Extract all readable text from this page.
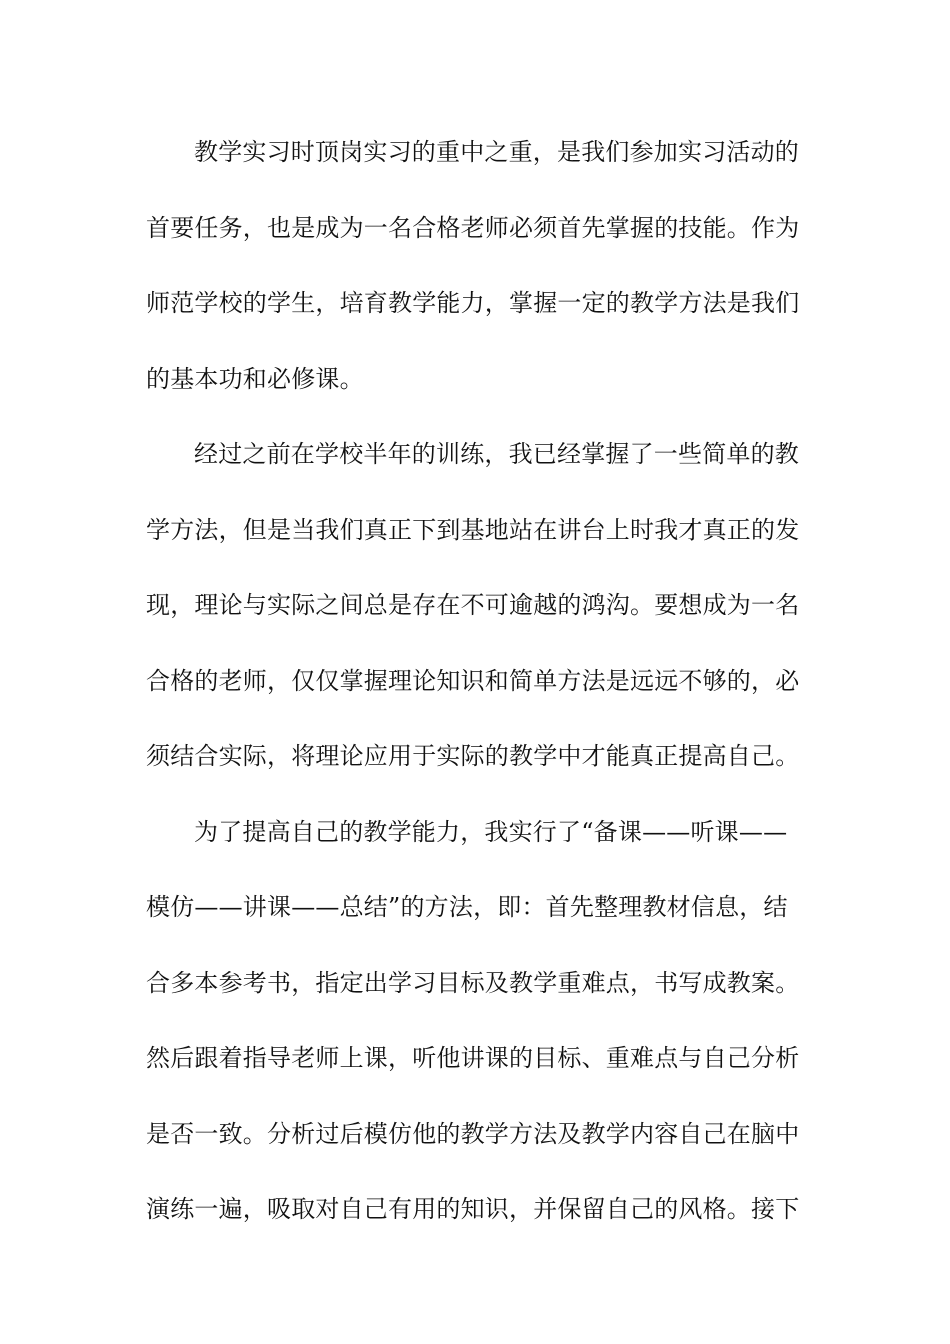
教学实习时顶岗实习的重中之重，是我们参加实习活动的
首要任务，也是成为一名合格老师必须首先掌握的技能。作为
师范学校的学生，培育教学能力，掌握一定的教学方法是我们
的基本功和必修课。
经过之前在学校半年的训练，我已经掌握了一些简单的教
学方法，但是当我们真正下到基地站在讲台上时我才真正的发
现，理论与实际之间总是存在不可逾越的鸿沟。要想成为一名
合格的老师，仅仅掌握理论知识和简单方法是远远不够的，必
须结合实际，将理论应用于实际的教学中才能真正提高自己。
为了提高自己的教学能力，我实行了“备课——听课——
模仿——讲课——总结”的方法，即：首先整理教材信息，结
合多本参考书，指定出学习目标及教学重难点，书写成教案。
然后跟着指导老师上课，听他讲课的目标、重难点与自己分析
是否一致。分析过后模仿他的教学方法及教学内容自己在脑中
演练一遍，吸取对自己有用的知识，并保留自己的风格。接下
